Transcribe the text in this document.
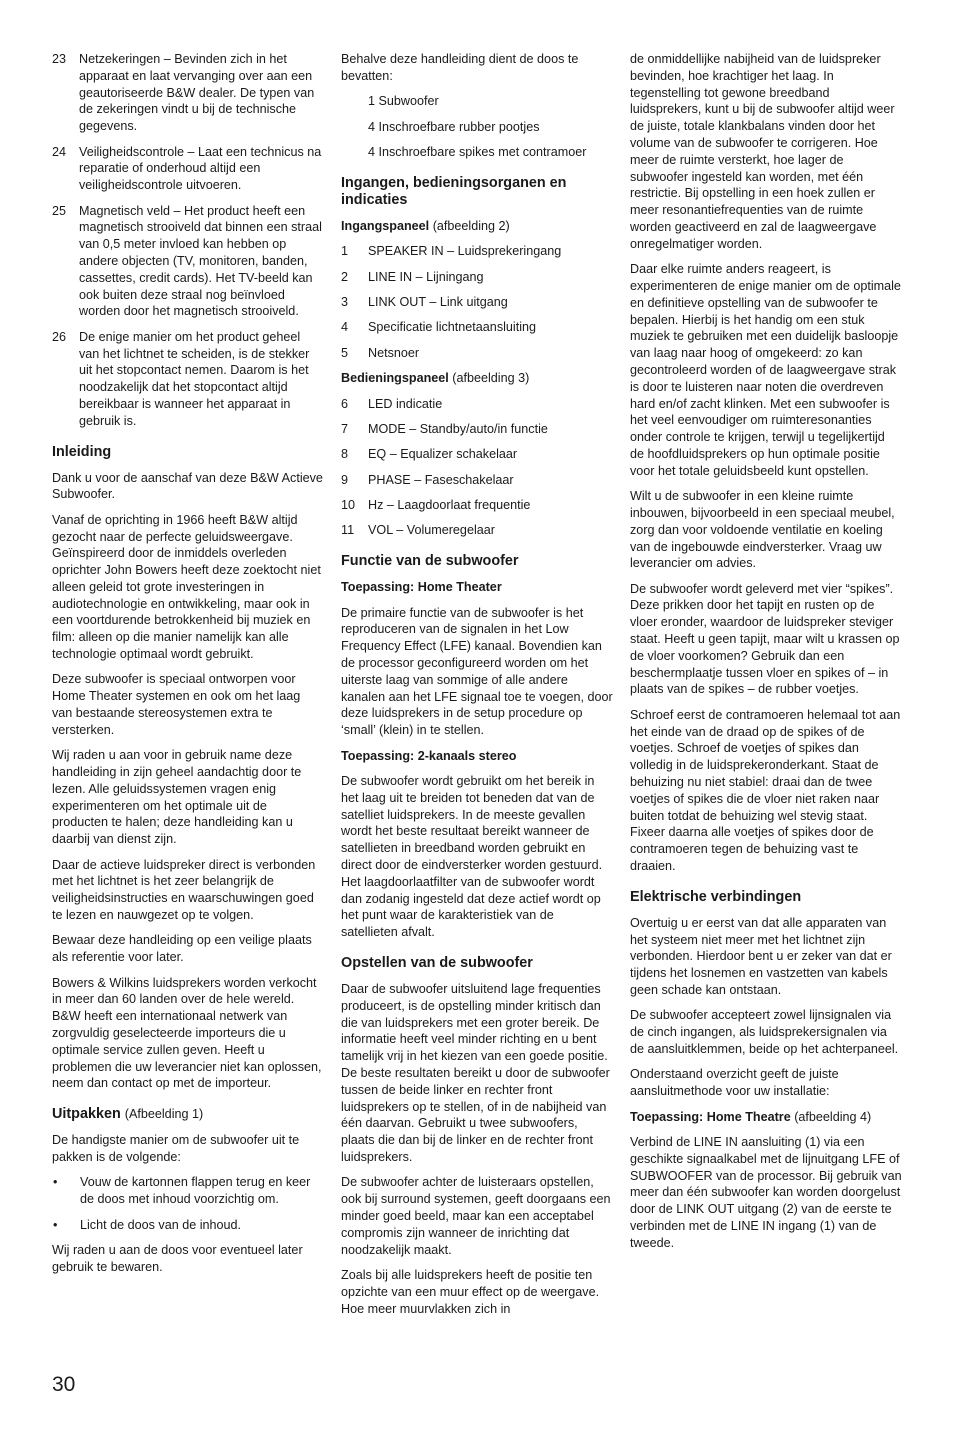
23	Netzekeringen – Bevinden zich in het apparaat en laat vervanging over aan een geautoriseerde B&W dealer. De typen van de zekeringen vindt u bij de technische gegevens.
24	Veiligheidscontrole – Laat een technicus na reparatie of onderhoud altijd een veiligheidscontrole uitvoeren.
25	Magnetisch veld – Het product heeft een magnetisch strooiveld dat binnen een straal van 0,5 meter invloed kan hebben op andere objecten (TV, monitoren, banden, cassettes, credit cards). Het TV-beeld kan ook buiten deze straal nog beïnvloed worden door het magnetisch strooiveld.
26	De enige manier om het product geheel van het lichtnet te scheiden, is de stekker uit het stopcontact nemen. Daarom is het noodzakelijk dat het stopcontact altijd bereikbaar is wanneer het apparaat in gebruik is.
Inleiding

Dank u voor de aanschaf van deze B&W Actieve Subwoofer.

Vanaf de oprichting in 1966 heeft B&W altijd gezocht naar de perfecte geluidsweergave. Geïnspireerd door de inmiddels overleden oprichter John Bowers heeft deze zoektocht niet alleen geleid tot grote investeringen in audiotechnologie en ontwikkeling, maar ook in een voortdurende betrokkenheid bij muziek en film: alleen op die manier namelijk kan alle technologie optimaal wordt gebruikt.

Deze subwoofer is speciaal ontworpen voor Home Theater systemen en ook om het laag van bestaande stereosystemen extra te versterken.

Wij raden u aan voor in gebruik name deze handleiding in zijn geheel aandachtig door te lezen. Alle geluidssystemen vragen enig experimenteren om het optimale uit de producten te halen; deze handleiding kan u daarbij van dienst zijn.

Daar de actieve luidspreker direct is verbonden met het lichtnet is het zeer belangrijk de veiligheidsinstructies en waarschuwingen goed te lezen en nauwgezet op te volgen.

Bewaar deze handleiding op een veilige plaats als referentie voor later.

Bowers & Wilkins luidsprekers worden verkocht in meer dan 60 landen over de hele wereld. B&W heeft een internationaal netwerk van zorgvuldig geselecteerde importeurs die u optimale service zullen geven. Heeft u problemen die uw leverancier niet kan oplossen, neem dan contact op met de importeur.

Uitpakken (Afbeelding 1)

De handigste manier om de subwoofer uit te pakken is de volgende:

•	Vouw de kartonnen flappen terug en keer de doos met inhoud voorzichtig om.
•	Licht de doos van de inhoud.

Wij raden u aan de doos voor eventueel later gebruik te bewaren.

Behalve deze handleiding dient de doos te bevatten:

1 Subwoofer
4 Inschroefbare rubber pootjes
4 Inschroefbare spikes met contramoer
Ingangen, bedieningsorganen en indicaties

Ingangspaneel (afbeelding 2)

1	SPEAKER IN – Luidsprekeringang
2	LINE IN – Lijningang
3	LINK OUT – Link uitgang
4	Specificatie lichtnetaansluiting
5	Netsnoer

Bedieningspaneel (afbeelding 3)

6	LED indicatie
7	MODE – Standby/auto/in functie
8	EQ – Equalizer schakelaar
9	PHASE – Faseschakelaar
10	Hz – Laagdoorlaat frequentie
11	VOL – Volumeregelaar
Functie van de subwoofer

Toepassing: Home Theater

De primaire functie van de subwoofer is het reproduceren van de signalen in het Low Frequency Effect (LFE) kanaal. Bovendien kan de processor geconfigureerd worden om het uiterste laag van sommige of alle andere kanalen aan het LFE signaal toe te voegen, door deze luidsprekers in de setup procedure op ‘small’ (klein) in te stellen.

Toepassing: 2-kanaals stereo

De subwoofer wordt gebruikt om het bereik in het laag uit te breiden tot beneden dat van de satelliet luidsprekers. In de meeste gevallen wordt het beste resultaat bereikt wanneer de satellieten in breedband worden gebruikt en direct door de eindversterker worden gestuurd. Het laagdoorlaatfilter van de subwoofer wordt dan zodanig ingesteld dat deze actief wordt op het punt waar de karakteristiek van de satellieten afvalt.

Opstellen van de subwoofer

Daar de subwoofer uitsluitend lage frequenties produceert, is de opstelling minder kritisch dan die van luidsprekers met een groter bereik. De informatie heeft veel minder richting en u bent tamelijk vrij in het kiezen van een goede positie. De beste resultaten bereikt u door de subwoofer tussen de beide linker en rechter front luidsprekers op te stellen, of in de nabijheid van één daarvan. Gebruikt u twee subwoofers, plaats die dan bij de linker en de rechter front luidsprekers.

De subwoofer achter de luisteraars opstellen, ook bij surround systemen, geeft doorgaans een minder goed beeld, maar kan een acceptabel compromis zijn wanneer de inrichting dat noodzakelijk maakt.

Zoals bij alle luidsprekers heeft de positie ten opzichte van een muur effect op de weergave. Hoe meer muurvlakken zich in

de onmiddellijke nabijheid van de luidspreker bevinden, hoe krachtiger het laag. In tegenstelling tot gewone breedband luidsprekers, kunt u bij de subwoofer altijd weer de juiste, totale klankbalans vinden door het volume van de subwoofer te corrigeren. Hoe meer de ruimte versterkt, hoe lager de subwoofer ingesteld kan worden, met één restrictie. Bij opstelling in een hoek zullen er meer resonantiefrequenties van de ruimte worden geactiveerd en zal de laagweergave onregelmatiger worden.

Daar elke ruimte anders reageert, is experimenteren de enige manier om de optimale en definitieve opstelling van de subwoofer te bepalen. Hierbij is het handig om een stuk muziek te gebruiken met een duidelijk basloopje van laag naar hoog of omgekeerd: zo kan gecontroleerd worden of de laagweergave strak is door te luisteren naar noten die overdreven hard en/of zacht klinken. Met een subwoofer is het veel eenvoudiger om ruimteresonanties onder controle te krijgen, terwijl u tegelijkertijd de hoofdluidsprekers op hun optimale positie voor het totale geluidsbeeld kunt opstellen.

Wilt u de subwoofer in een kleine ruimte inbouwen, bijvoorbeeld in een speciaal meubel, zorg dan voor voldoende ventilatie en koeling van de ingebouwde eindversterker. Vraag uw leverancier om advies.

De subwoofer wordt geleverd met vier “spikes”. Deze prikken door het tapijt en rusten op de vloer eronder, waardoor de luidspreker steviger staat. Heeft u geen tapijt, maar wilt u krassen op de vloer voorkomen? Gebruik dan een beschermplaatje tussen vloer en spikes of – in plaats van de spikes – de rubber voetjes.

Schroef eerst de contramoeren helemaal tot aan het einde van de draad op de spikes of de voetjes. Schroef de voetjes of spikes dan volledig in de luidsprekeronderkant. Staat de behuizing nu niet stabiel: draai dan de twee voetjes of spikes die de vloer niet raken naar buiten totdat de behuizing wel stevig staat. Fixeer daarna alle voetjes of spikes door de contramoeren tegen de behuizing vast te draaien.

Elektrische verbindingen

Overtuig u er eerst van dat alle apparaten van het systeem niet meer met het lichtnet zijn verbonden. Hierdoor bent u er zeker van dat er tijdens het losnemen en vastzetten van kabels geen schade kan ontstaan.

De subwoofer accepteert zowel lijnsignalen via de cinch ingangen, als luidsprekersignalen via de aansluitklemmen, beide op het achterpaneel.

Onderstaand overzicht geeft de juiste aansluitmethode voor uw installatie:

Toepassing: Home Theatre (afbeelding 4)

Verbind de LINE IN aansluiting (1) via een geschikte signaalkabel met de lijnuitgang LFE of SUBWOOFER van de processor. Bij gebruik van meer dan één subwoofer kan worden doorgelust door de LINK OUT uitgang (2) van de eerste te verbinden met de LINE IN ingang (1) van de tweede.

30
